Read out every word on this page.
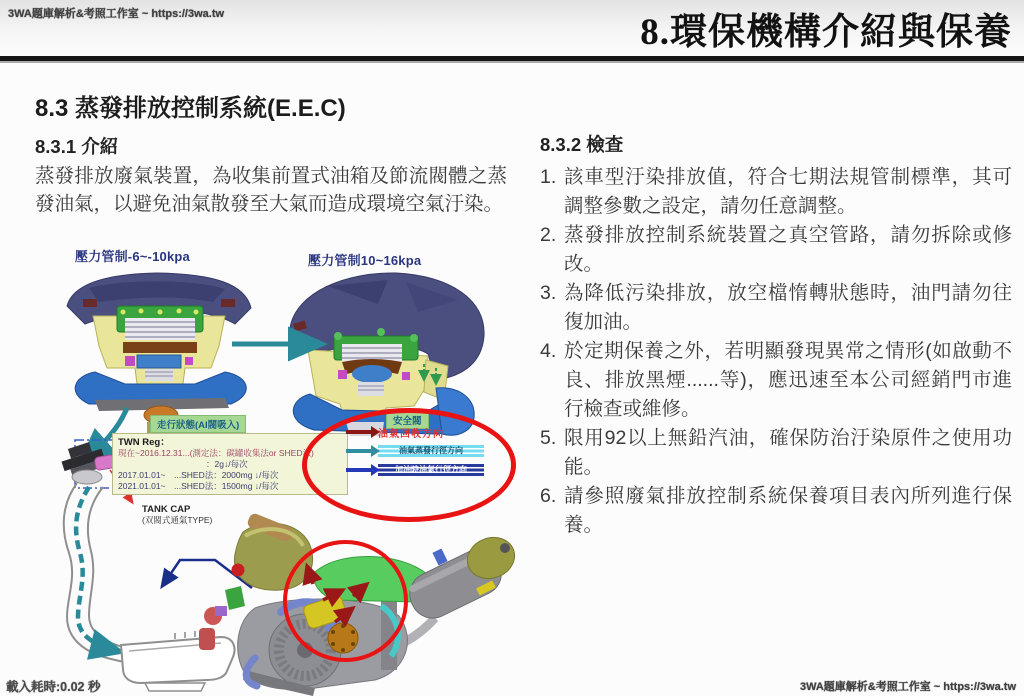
3WA題庫解析&考照工作室 ~ https://3wa.tw	8.環保機構介紹與保養
8.3 蒸發排放控制系統(E.E.C)
8.3.1 介紹

蒸發排放廢氣裝置，為收集前置式油箱及節流閥體之蒸發油氣，以避免油氣散發至大氣而造成環境空氣汙染。

8.3.2 檢查
1. 該車型汙染排放值，符合七期法規管制標準，其可調整參數之設定，請勿任意調整。
2. 蒸發排放控制系統裝置之真空管路，請勿拆除或修改。
3. 為降低污染排放，放空檔惰轉狀態時，油門請勿往復加油。
4. 於定期保養之外，若明顯發現異常之情形(如啟動不良、排放黑煙......等)，應迅速至本公司經銷門市進行檢查或維修。
5. 限用92以上無鉛汽油，確保防治汙染原件之使用功能。
6. 請參照廢氣排放控制系統保養項目表內所列進行保養。
壓力管制-6~-10kpa	壓力管制10~16kpa
走行狀態(AI閥吸入)	安全閥
TWN Reg：
現在~2016.12.31...(測定法：碳罐收集法or SHED法)
：2g↓/每次
2017.01.01~　...SHED法：2000mg ↓/每次
2021.01.01~　...SHED法：1500mg ↓/每次
油氣回收方向
油氣蒸發行徑方向
加油時油氣行徑方向
TANK CAP
(双閥式通氣TYPE)
載入耗時:0.02 秒	3WA題庫解析&考照工作室 ~ https://3wa.tw
